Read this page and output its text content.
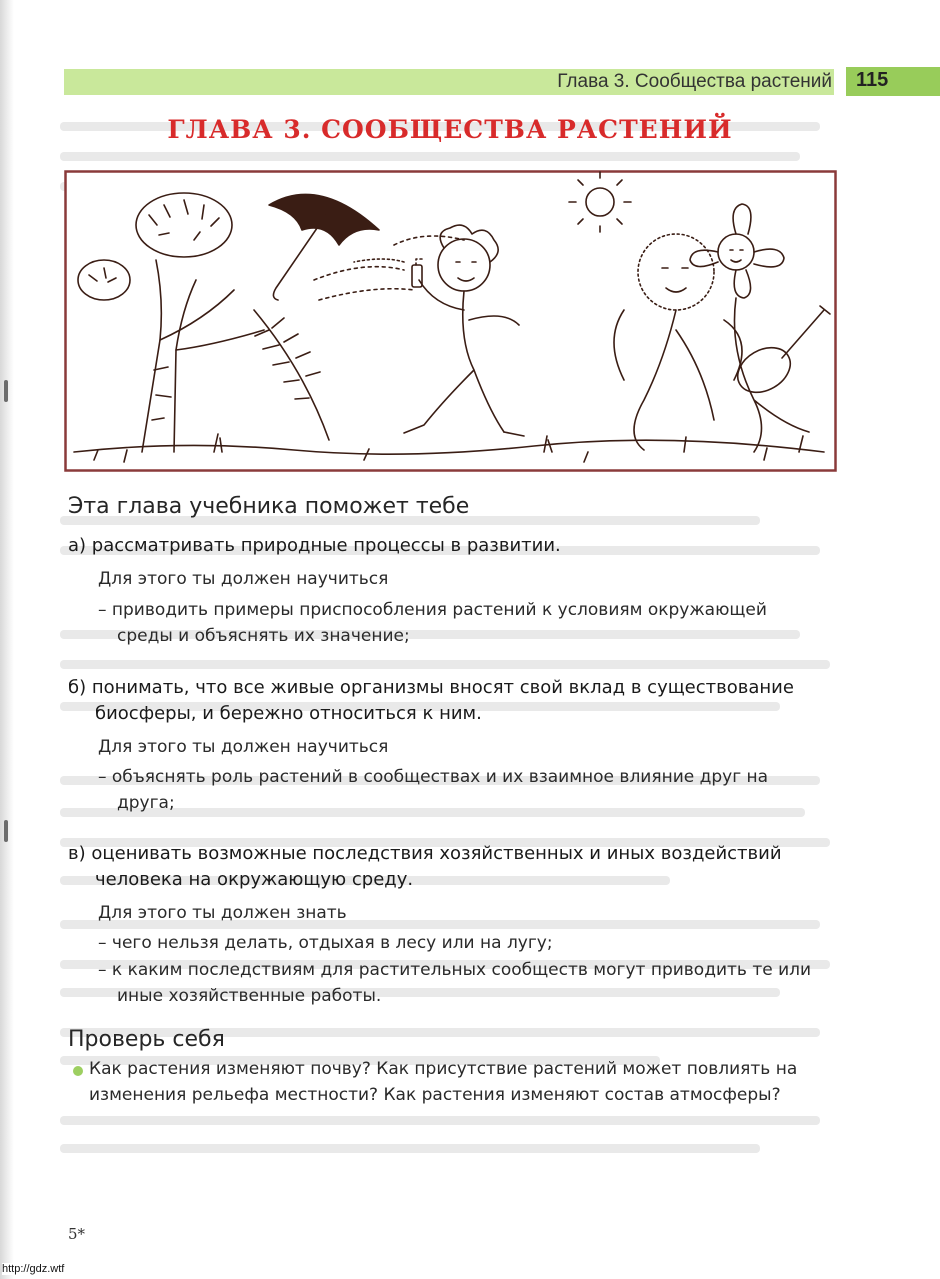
Глава 3. Сообщества растений 115
ГЛАВА 3. СООБЩЕСТВА РАСТЕНИЙ
Эта глава учебника поможет тебе
а) рассматривать природные процессы в развитии.
Для этого ты должен научиться
– приводить примеры приспособления растений к условиям окружающей
среды и объяснять их значение;
б) понимать, что все живые организмы вносят свой вклад в существование
биосферы, и бережно относиться к ним.
Для этого ты должен научиться
– объяснять роль растений в сообществах и их взаимное влияние друг на
друга;
в) оценивать возможные последствия хозяйственных и иных воздействий
человека на окружающую среду.
Для этого ты должен знать
– чего нельзя делать, отдыхая в лесу или на лугу;
– к каким последствиям для растительных сообществ могут приводить те или
иные хозяйственные работы.
Проверь себя
Как растения изменяют почву? Как присутствие растений может повлиять на
изменения рельефа местности? Как растения изменяют состав атмосферы?
5*
http://gdz.wtf
